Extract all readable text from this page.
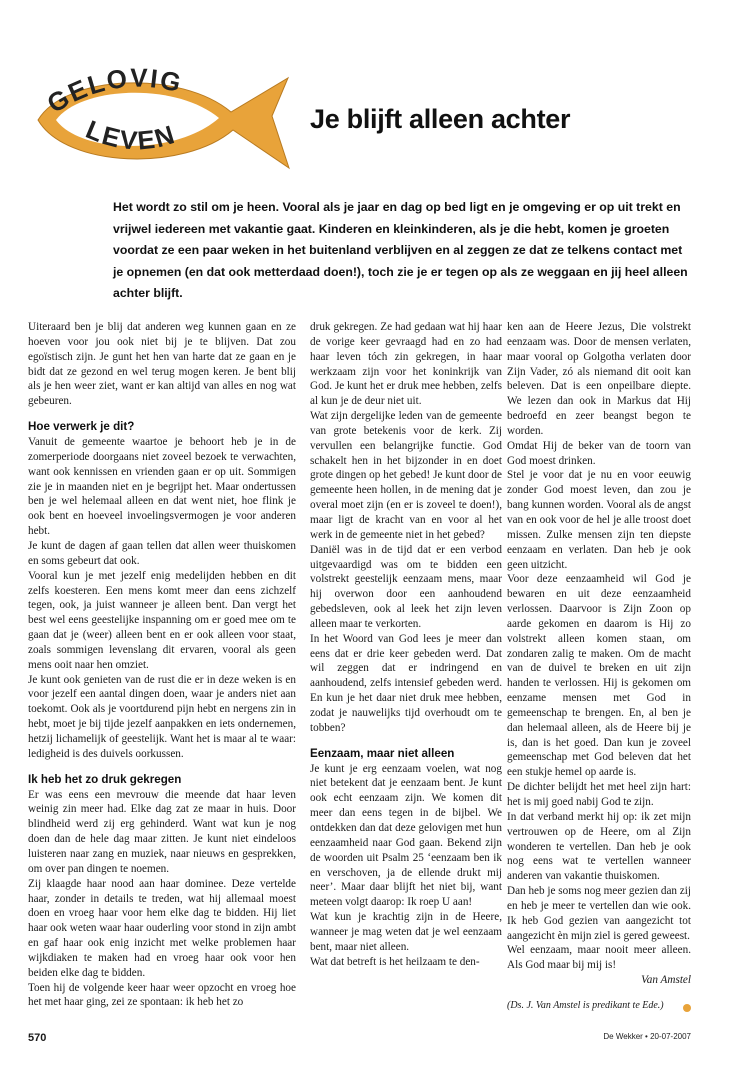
GELOVIG
LEVEN	Je blijft alleen achter
Het wordt zo stil om je heen. Vooral als je jaar en dag op bed ligt en je omgeving er op uit trekt en vrijwel iedereen met vakantie gaat. Kinderen en kleinkinderen, als je die hebt, komen je groeten voordat ze een paar weken in het buitenland verblijven en al zeggen ze dat ze telkens contact met je opnemen (en dat ook metterdaad doen!), toch zie je er tegen op als ze weggaan en jij heel alleen achter blijft.

Uiteraard ben je blij dat anderen weg kunnen gaan en ze hoeven voor jou ook niet bij je te blijven. Dat zou egoïstisch zijn. Je gunt het hen van harte dat ze gaan en je bidt dat ze gezond en wel terug mogen keren. Je bent blij als je hen weer ziet, want er kan altijd van alles en nog wat gebeuren.

Hoe verwerk je dit?

Vanuit de gemeente waartoe je behoort heb je in de zomerperiode doorgaans niet zoveel bezoek te verwachten, want ook kennissen en vrienden gaan er op uit. Sommigen zie je in maanden niet en je begrijpt het. Maar ondertussen ben je wel helemaal alleen en dat went niet, hoe flink je ook bent en hoeveel invoelingsvermogen je voor anderen hebt.

Je kunt de dagen af gaan tellen dat allen weer thuiskomen en soms gebeurt dat ook.

Vooral kun je met jezelf enig medelijden hebben en dit zelfs koesteren. Een mens komt meer dan eens zichzelf tegen, ook, ja juist wanneer je alleen bent. Dan vergt het best wel eens geestelijke inspanning om er goed mee om te gaan dat je (weer) alleen bent en er ook alleen voor staat, zoals sommigen levenslang dit ervaren, vooral als geen mens ooit naar hen omziet.

Je kunt ook genieten van de rust die er in deze weken is en voor jezelf een aantal dingen doen, waar je anders niet aan toekomt. Ook als je voortdurend pijn hebt en nergens zin in hebt, moet je bij tijde jezelf aanpakken en iets ondernemen, hetzij lichamelijk of geestelijk. Want het is maar al te waar: ledigheid is des duivels oorkussen.

Ik heb het zo druk gekregen

Er was eens een mevrouw die meende dat haar leven weinig zin meer had. Elke dag zat ze maar in huis. Door blindheid werd zij erg gehinderd. Want wat kun je nog doen dan de hele dag maar zitten. Je kunt niet eindeloos luisteren naar zang en muziek, naar nieuws en gesprekken, om over pan dingen te noemen.

Zij klaagde haar nood aan haar dominee. Deze vertelde haar, zonder in details te treden, wat hij allemaal moest doen en vroeg haar voor hem elke dag te bidden. Hij liet haar ook weten waar haar ouderling voor stond in zijn ambt en gaf haar ook enig inzicht met welke problemen haar wijkdiaken te maken had en vroeg haar ook voor hen beiden elke dag te bidden.

Toen hij de volgende keer haar weer opzocht en vroeg hoe het met haar ging, zei ze spontaan: ik heb het zo

druk gekregen. Ze had gedaan wat hij haar de vorige keer gevraagd had en zo had haar leven tóch zin gekregen, in haar werkzaam zijn voor het koninkrijk van God. Je kunt het er druk mee hebben, zelfs al kun je de deur niet uit.

Wat zijn dergelijke leden van de gemeente van grote betekenis voor de kerk. Zij vervullen een belangrijke functie. God schakelt hen in het bijzonder in en doet grote dingen op het gebed! Je kunt door de gemeente heen hollen, in de mening dat je overal moet zijn (en er is zoveel te doen!), maar ligt de kracht van en voor al het werk in de gemeente niet in het gebed?

Daniël was in de tijd dat er een verbod uitgevaardigd was om te bidden een volstrekt geestelijk eenzaam mens, maar hij overwon door een aanhoudend gebedsleven, ook al leek het zijn leven alleen maar te verkorten.

In het Woord van God lees je meer dan eens dat er drie keer gebeden werd. Dat wil zeggen dat er indringend en aanhoudend, zelfs intensief gebeden werd. En kun je het daar niet druk mee hebben, zodat je nauwelijks tijd overhoudt om te tobben?

Eenzaam, maar niet alleen

Je kunt je erg eenzaam voelen, wat nog niet betekent dat je eenzaam bent. Je kunt ook echt eenzaam zijn. We komen dit meer dan eens tegen in de bijbel. We ontdekken dan dat deze gelovigen met hun eenzaamheid naar God gaan. Bekend zijn de woorden uit Psalm 25 ‘eenzaam ben ik en verschoven, ja de ellende drukt mij neer’. Maar daar blijft het niet bij, want meteen volgt daarop: Ik roep U aan!

Wat kun je krachtig zijn in de Heere, wanneer je mag weten dat je wel eenzaam bent, maar niet alleen.

Wat dat betreft is het heilzaam te den-

ken aan de Heere Jezus, Die volstrekt eenzaam was. Door de mensen verlaten, maar vooral op Golgotha verlaten door Zijn Vader, zó als niemand dit ooit kan beleven. Dat is een onpeilbare diepte. We lezen dan ook in Markus dat Hij bedroefd en zeer beangst begon te worden.

Omdat Hij de beker van de toorn van God moest drinken.

Stel je voor dat je nu en voor eeuwig zonder God moest leven, dan zou je bang kunnen worden. Vooral als de angst van en ook voor de hel je alle troost doet missen. Zulke mensen zijn ten diepste eenzaam en verlaten. Dan heb je ook geen uitzicht.

Voor deze eenzaamheid wil God je bewaren en uit deze eenzaamheid verlossen. Daarvoor is Zijn Zoon op aarde gekomen en daarom is Hij zo volstrekt alleen komen staan, om zondaren zalig te maken. Om de macht van de duivel te breken en uit zijn handen te verlossen. Hij is gekomen om eenzame mensen met God in gemeenschap te brengen. En, al ben je dan helemaal alleen, als de Heere bij je is, dan is het goed. Dan kun je zoveel gemeenschap met God beleven dat het een stukje hemel op aarde is.

De dichter belijdt het met heel zijn hart: het is mij goed nabij God te zijn.

In dat verband merkt hij op: ik zet mijn vertrouwen op de Heere, om al Zijn wonderen te vertellen. Dan heb je ook nog eens wat te vertellen wanneer anderen van vakantie thuiskomen.

Dan heb je soms nog meer gezien dan zij en heb je meer te vertellen dan wie ook. Ik heb God gezien van aangezicht tot aangezicht èn mijn ziel is gered geweest.

Wel eenzaam, maar nooit meer alleen. Als God maar bij mij is!

Van Amstel

(Ds. J. Van Amstel is predikant te Ede.)

570	De Wekker • 20-07-2007
